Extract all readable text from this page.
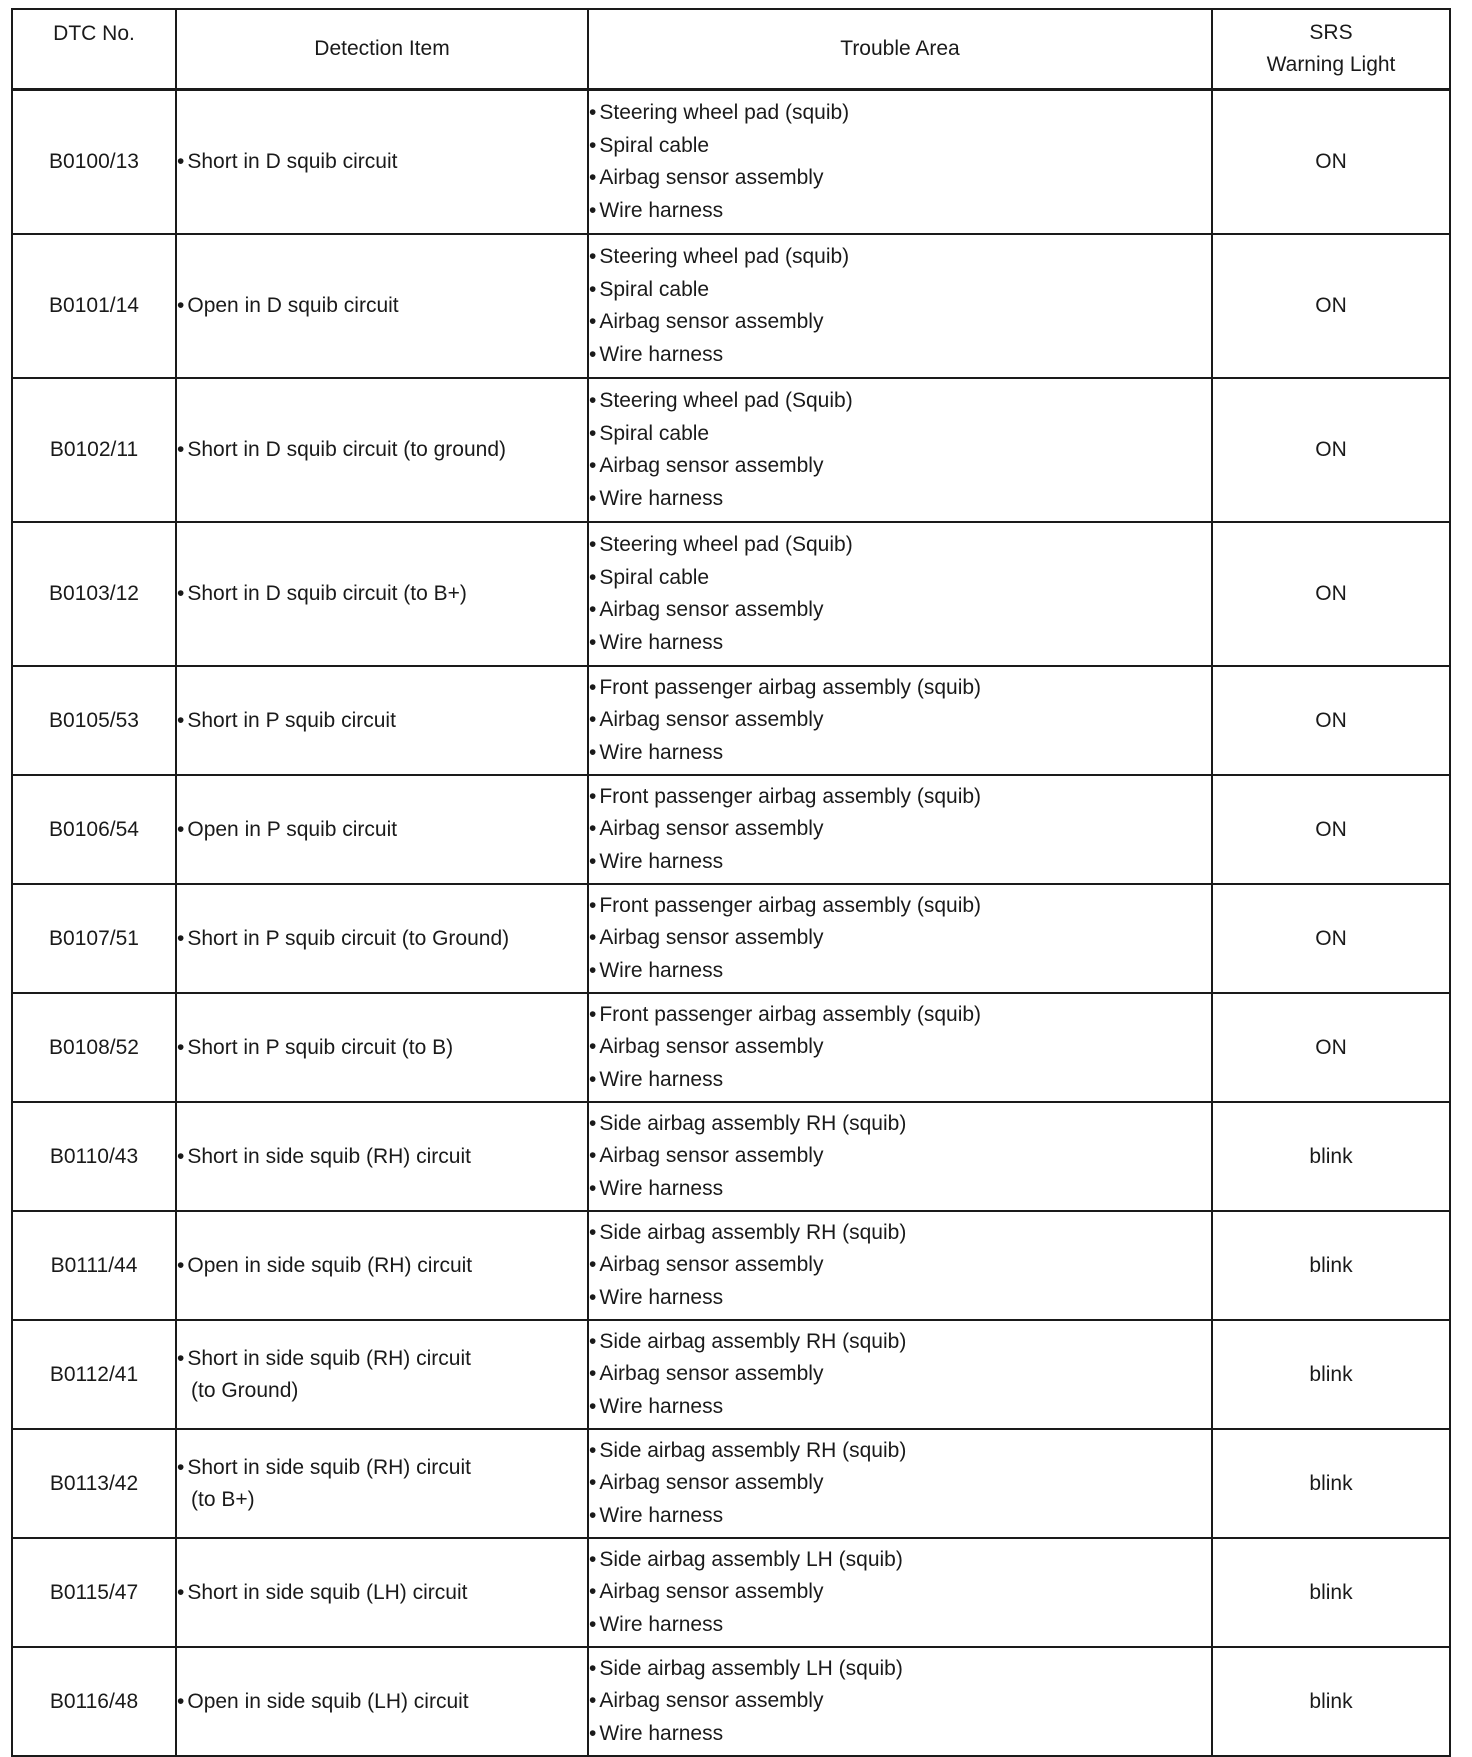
DTC No.	Detection Item	Trouble Area	SRS
Warning Light

B0100/13	• Short in D squib circuit	• Steering wheel pad (squib)
• Spiral cable
• Airbag sensor assembly
• Wire harness	ON
B0101/14	• Open in D squib circuit	• Steering wheel pad (squib)
• Spiral cable
• Airbag sensor assembly
• Wire harness	ON
B0102/11	• Short in D squib circuit (to ground)	• Steering wheel pad (Squib)
• Spiral cable
• Airbag sensor assembly
• Wire harness	ON
B0103/12	• Short in D squib circuit (to B+)	• Steering wheel pad (Squib)
• Spiral cable
• Airbag sensor assembly
• Wire harness	ON
B0105/53	• Short in P squib circuit	• Front passenger airbag assembly (squib)
• Airbag sensor assembly
• Wire harness	ON
B0106/54	• Open in P squib circuit	• Front passenger airbag assembly (squib)
• Airbag sensor assembly
• Wire harness	ON
B0107/51	• Short in P squib circuit (to Ground)	• Front passenger airbag assembly (squib)
• Airbag sensor assembly
• Wire harness	ON
B0108/52	• Short in P squib circuit (to B)	• Front passenger airbag assembly (squib)
• Airbag sensor assembly
• Wire harness	ON
B0110/43	• Short in side squib (RH) circuit	• Side airbag assembly RH (squib)
• Airbag sensor assembly
• Wire harness	blink
B0111/44	• Open in side squib (RH) circuit	• Side airbag assembly RH (squib)
• Airbag sensor assembly
• Wire harness	blink
B0112/41	• Short in side squib (RH) circuit
(to Ground)	• Side airbag assembly RH (squib)
• Airbag sensor assembly
• Wire harness	blink
B0113/42	• Short in side squib (RH) circuit
(to B+)	• Side airbag assembly RH (squib)
• Airbag sensor assembly
• Wire harness	blink
B0115/47	• Short in side squib (LH) circuit	• Side airbag assembly LH (squib)
• Airbag sensor assembly
• Wire harness	blink
B0116/48	• Open in side squib (LH) circuit	• Side airbag assembly LH (squib)
• Airbag sensor assembly
• Wire harness	blink
